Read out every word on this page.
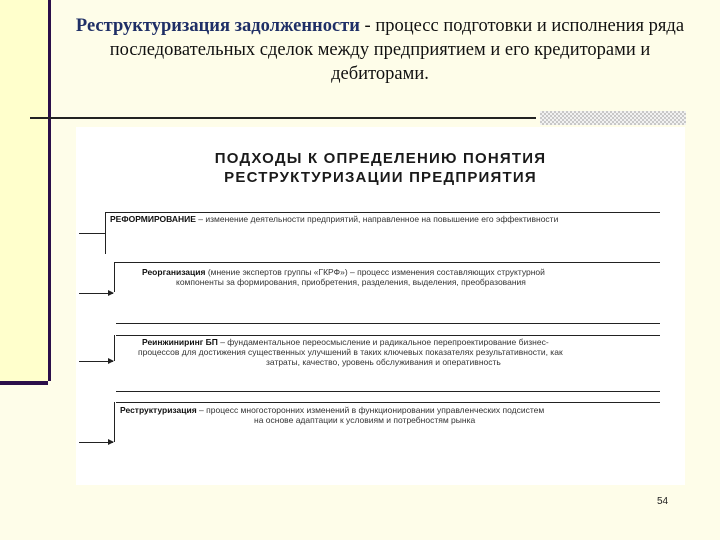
Реструктуризация задолженности - процесс подготовки и исполнения ряда последовательных сделок между предприятием и его кредиторами и дебиторами.
ПОДХОДЫ К ОПРЕДЕЛЕНИЮ ПОНЯТИЯ
РЕСТРУКТУРИЗАЦИИ ПРЕДПРИЯТИЯ
РЕФОРМИРОВАНИЕ – изменение деятельности предприятий, направленное на повышение его эффективности
Реорганизация (мнение экспертов группы «ГКРФ») – процесс изменения составляющих структурной
компоненты за формирования, приобретения, разделения, выделения, преобразования
Реинжиниринг БП – фундаментальное переосмысление и радикальное перепроектирование бизнес-
процессов для достижения существенных улучшений в таких ключевых показателях результативности, как
затраты, качество, уровень обслуживания и оперативность
Реструктуризация – процесс многосторонних изменений в функционировании управленческих подсистем
на основе адаптации к условиям и потребностям рынка
54
